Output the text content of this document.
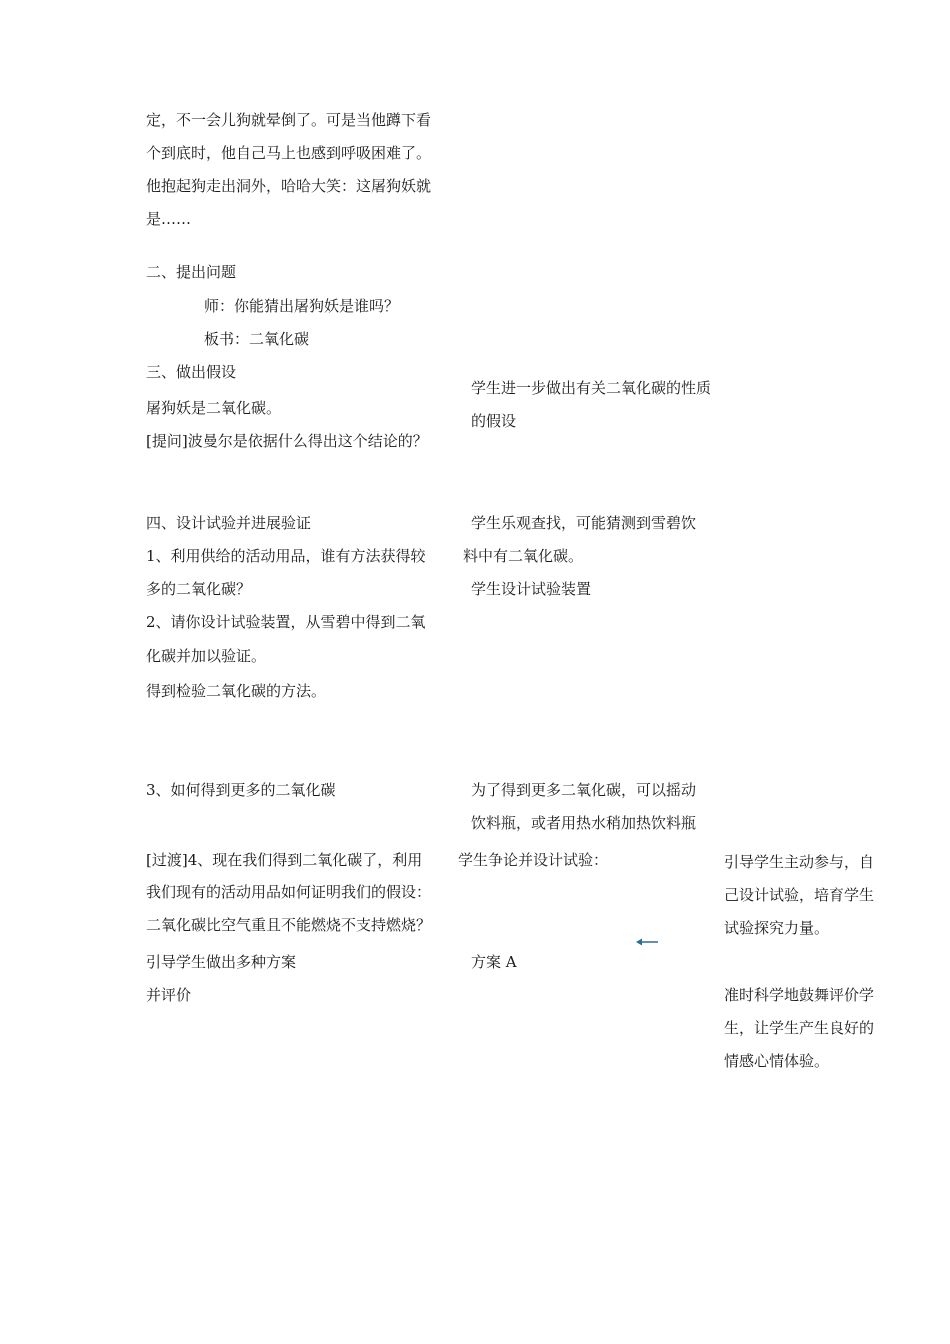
定，不一会儿狗就晕倒了。可是当他蹲下看

个到底时，他自己马上也感到呼吸困难了。

他抱起狗走出洞外，哈哈大笑：这屠狗妖就

是……

二、提出问题

师：你能猜出屠狗妖是谁吗？

板书：二氧化碳

三、做出假设

屠狗妖是二氧化碳。

[提问]波曼尔是依据什么得出这个结论的？

四、设计试验并进展验证

1、利用供给的活动用品，谁有方法获得较

多的二氧化碳？

2、请你设计试验装置，从雪碧中得到二氧

化碳并加以验证。

得到检验二氧化碳的方法。

3、如何得到更多的二氧化碳

[过渡]4、现在我们得到二氧化碳了，利用

我们现有的活动用品如何证明我们的假设：

二氧化碳比空气重且不能燃烧不支持燃烧？

引导学生做出多种方案

并评价

学生进一步做出有关二氧化碳的性质

的假设

学生乐观查找，可能猜测到雪碧饮

料中有二氧化碳。

学生设计试验装置

为了得到更多二氧化碳，可以摇动

饮料瓶，或者用热水稍加热饮料瓶

学生争论并设计试验：

方案 A

引导学生主动参与，自

己设计试验，培育学生

试验探究力量。

准时科学地鼓舞评价学

生，让学生产生良好的

情感心情体验。
